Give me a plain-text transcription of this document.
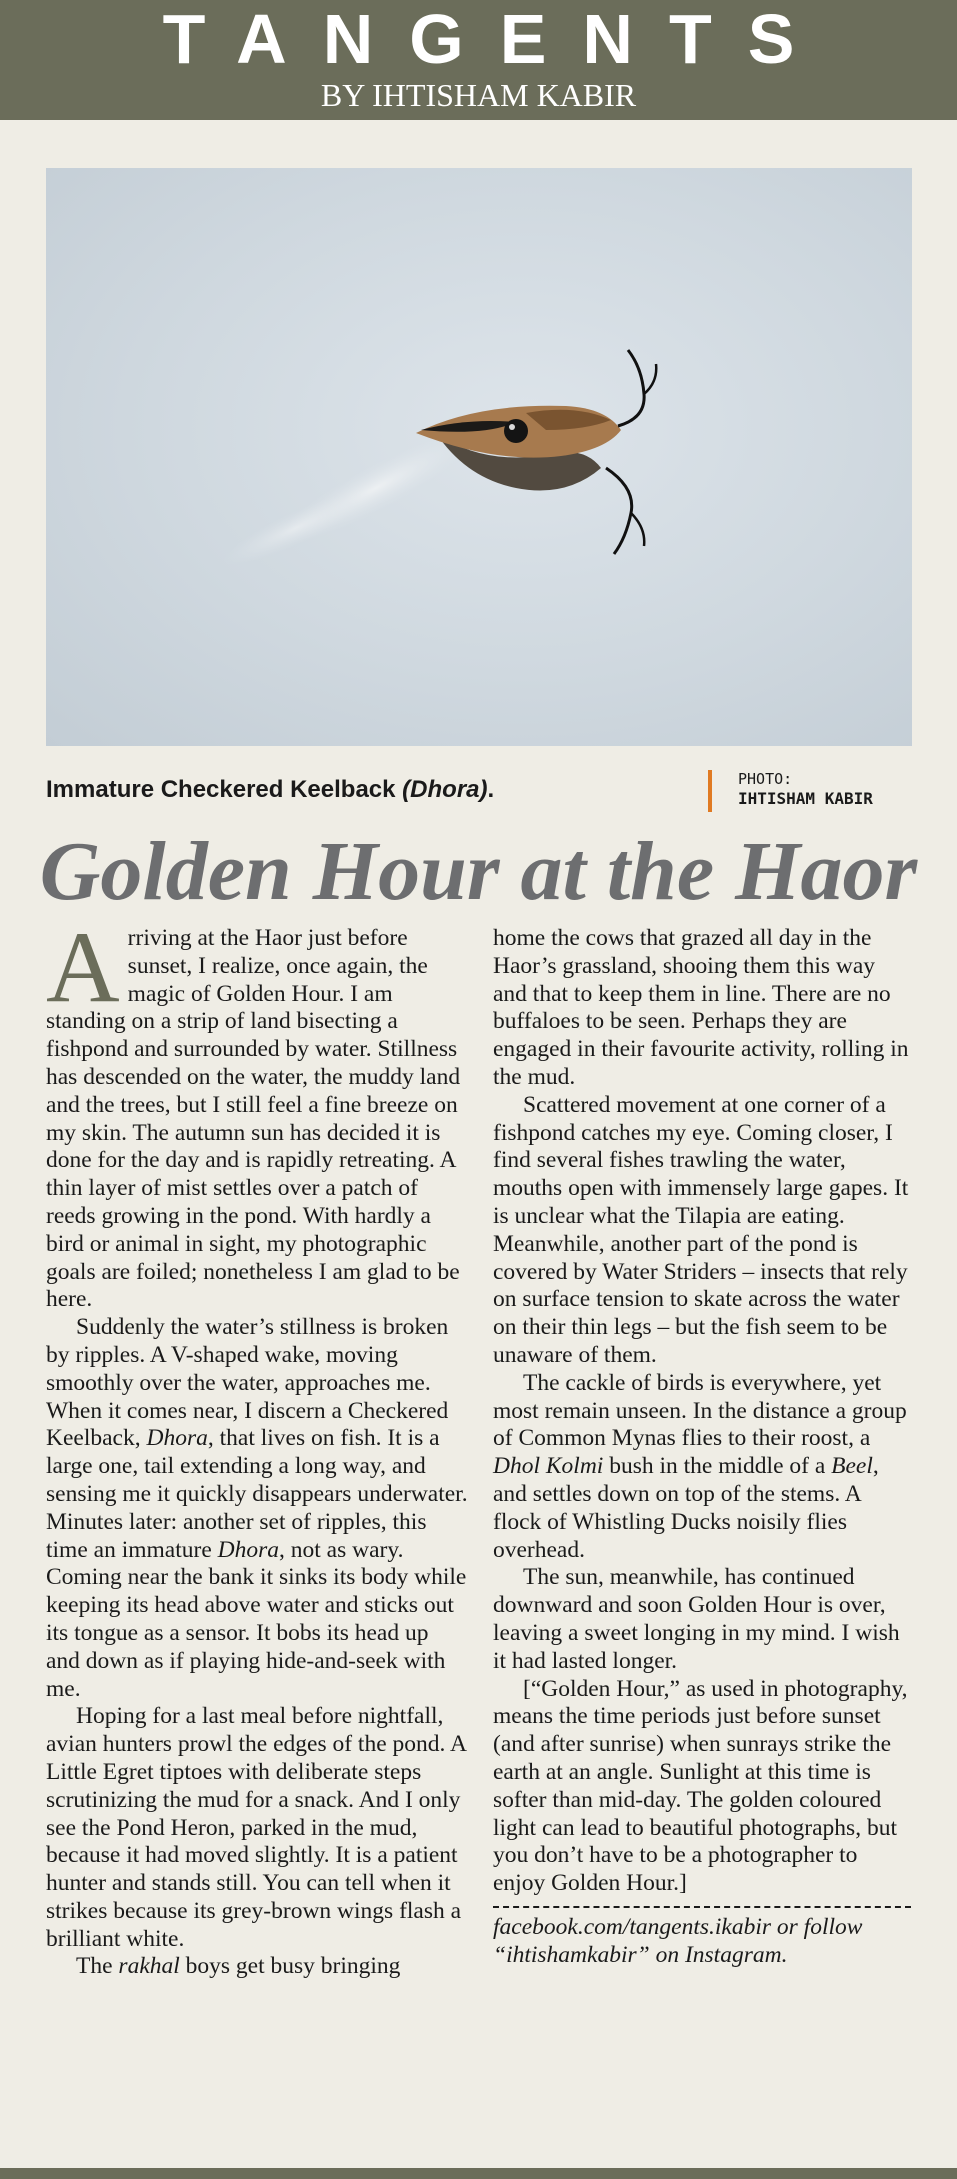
TANGENTS
BY IHTISHAM KABIR
Immature Checkered Keelback (Dhora).	PHOTO:
IHTISHAM KABIR
Golden Hour at the Haor

Arriving at the Haor just before sunset, I realize, once again, the magic of Golden Hour. I am standing on a strip of land bisecting a fishpond and surrounded by water. Stillness has descended on the water, the muddy land and the trees, but I still feel a fine breeze on my skin. The autumn sun has decided it is done for the day and is rapidly retreating. A thin layer of mist settles over a patch of reeds growing in the pond. With hardly a bird or animal in sight, my photographic goals are foiled; nonetheless I am glad to be here.

Suddenly the water’s stillness is broken by ripples. A V-shaped wake, moving smoothly over the water, approaches me. When it comes near, I discern a Checkered Keelback, Dhora, that lives on fish. It is a large one, tail extending a long way, and sensing me it quickly disappears underwater. Minutes later: another set of ripples, this time an immature Dhora, not as wary. Coming near the bank it sinks its body while keeping its head above water and sticks out its tongue as a sensor. It bobs its head up and down as if playing hide-and-seek with me.

Hoping for a last meal before nightfall, avian hunters prowl the edges of the pond. A Little Egret tiptoes with deliberate steps scrutinizing the mud for a snack. And I only see the Pond Heron, parked in the mud, because it had moved slightly. It is a patient hunter and stands still. You can tell when it strikes because its grey-brown wings flash a brilliant white.

The rakhal boys get busy bringing

home the cows that grazed all day in the Haor’s grassland, shooing them this way and that to keep them in line. There are no buffaloes to be seen. Perhaps they are engaged in their favourite activity, rolling in the mud.

Scattered movement at one corner of a fishpond catches my eye. Coming closer, I find several fishes trawling the water, mouths open with immensely large gapes. It is unclear what the Tilapia are eating. Meanwhile, another part of the pond is covered by Water Striders – insects that rely on surface tension to skate across the water on their thin legs – but the fish seem to be unaware of them.

The cackle of birds is everywhere, yet most remain unseen. In the distance a group of Common Mynas flies to their roost, a Dhol Kolmi bush in the middle of a Beel, and settles down on top of the stems. A flock of Whistling Ducks noisily flies overhead.

The sun, meanwhile, has continued downward and soon Golden Hour is over, leaving a sweet longing in my mind. I wish it had lasted longer.

[“Golden Hour,” as used in photography, means the time periods just before sunset (and after sunrise) when sunrays strike the earth at an angle. Sunlight at this time is softer than mid-day. The golden coloured light can lead to beautiful photographs, but you don’t have to be a photographer to enjoy Golden Hour.]

facebook.com/tangents.ikabir or follow
“ihtishamkabir” on Instagram.
